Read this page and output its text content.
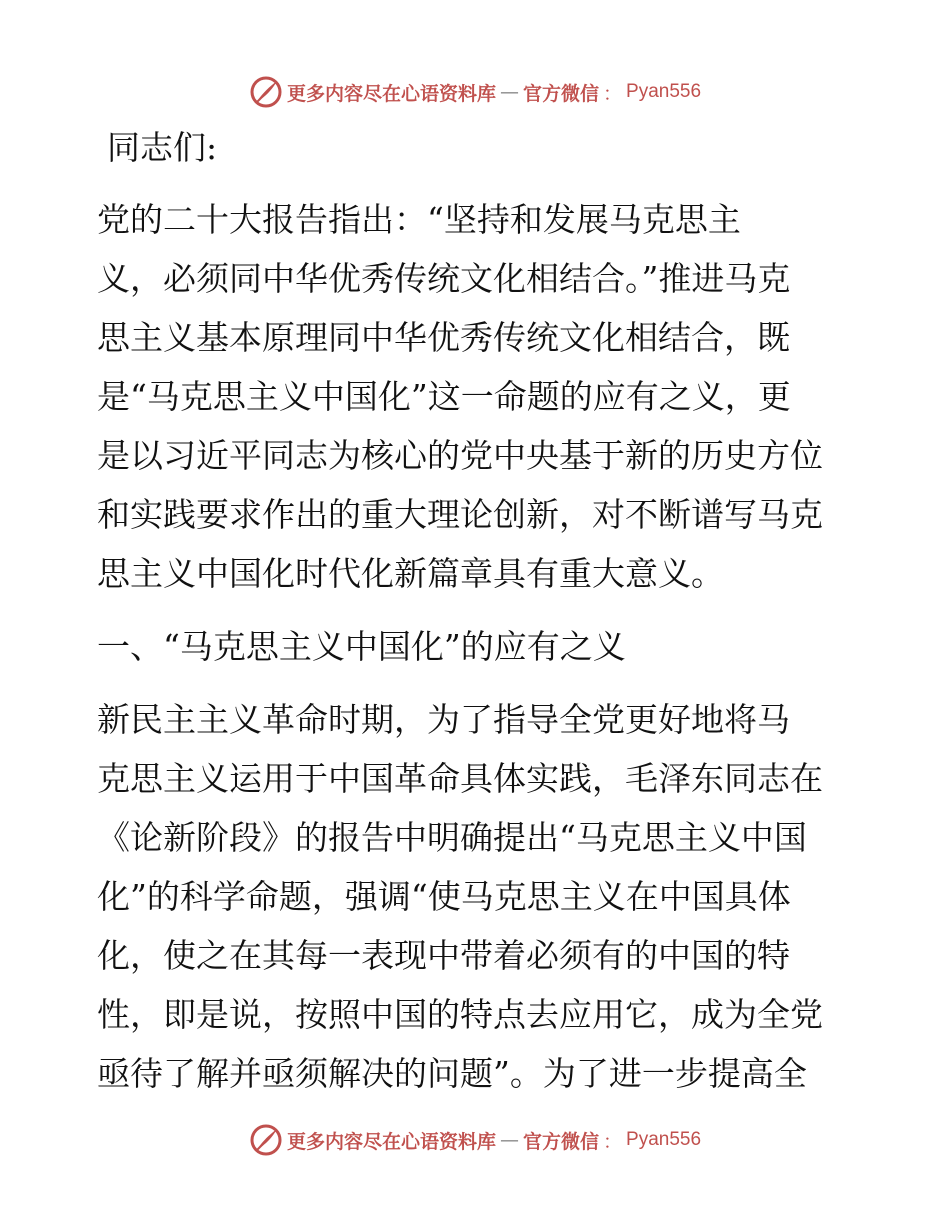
更多内容尽在心语资料库 — 官方微信 ： Pyan556
同志们:
党的二十大报告指出：“坚持和发展马克思主
义，必须同中华优秀传统文化相结合。”推进马克
思主义基本原理同中华优秀传统文化相结合，既
是“马克思主义中国化”这一命题的应有之义，更
是以习近平同志为核心的党中央基于新的历史方位
和实践要求作出的重大理论创新，对不断谱写马克
思主义中国化时代化新篇章具有重大意义。
一、“马克思主义中国化”的应有之义
新民主主义革命时期，为了指导全党更好地将马
克思主义运用于中国革命具体实践，毛泽东同志在
《论新阶段》的报告中明确提出“马克思主义中国
化”的科学命题，强调“使马克思主义在中国具体
化，使之在其每一表现中带着必须有的中国的特
性，即是说，按照中国的特点去应用它，成为全党
亟待了解并亟须解决的问题”。为了进一步提高全
更多内容尽在心语资料库 — 官方微信 ： Pyan556
